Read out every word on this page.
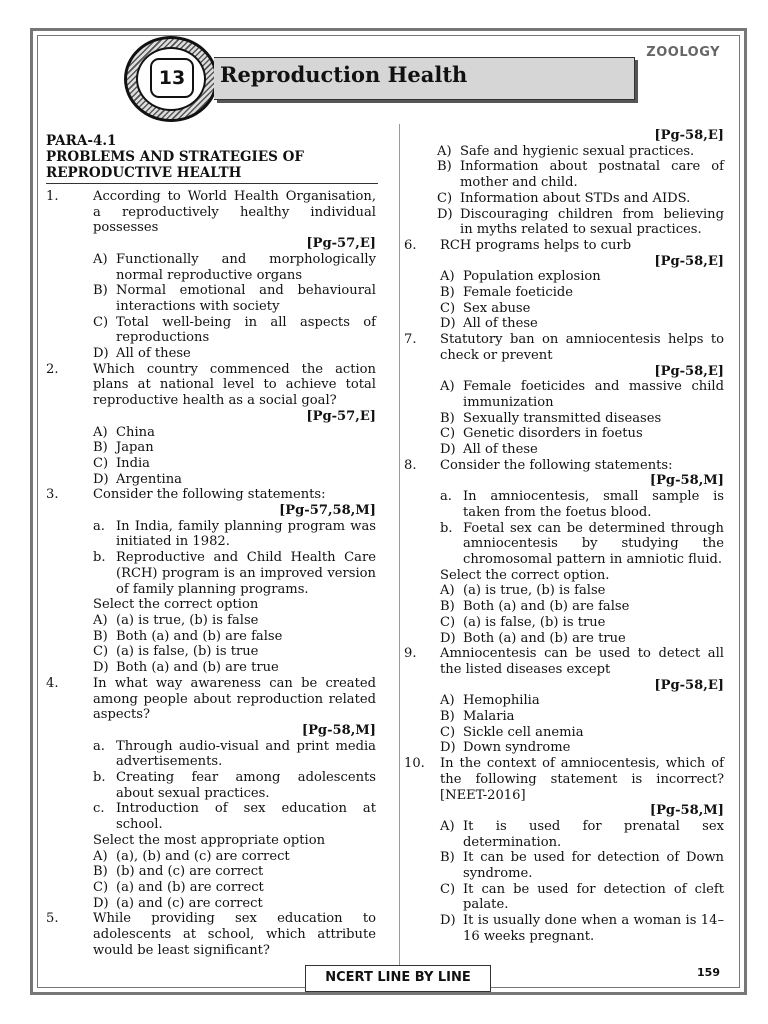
ZOOLOGY
13	Reproduction Health
PARA-4.1
PROBLEMS AND STRATEGIES OF
REPRODUCTIVE HEALTH
1.	According to World Health Organisation, a reproductively healthy individual possesses
[Pg-57,E]
A) Functionally and morphologically normal reproductive organs
B) Normal emotional and behavioural interactions with society
C) Total well-being in all aspects of reproductions
D) All of these
2.	Which country commenced the action plans at national level to achieve total reproductive health as a social goal?
[Pg-57,E]
A) China
B) Japan
C) India
D) Argentina
3.	Consider the following statements:
[Pg-57,58,M]
a. In India, family planning program was initiated in 1982.
b. Reproductive and Child Health Care (RCH) program is an improved version of family planning programs.
Select the correct option
A) (a) is true, (b) is false
B) Both (a) and (b) are false
C) (a) is false, (b) is true
D) Both (a) and (b) are true
4.	In what way awareness can be created among people about reproduction related aspects?
[Pg-58,M]
a. Through audio-visual and print media advertisements.
b. Creating fear among adolescents about sexual practices.
c. Introduction of sex education at school.
Select the most appropriate option
A) (a), (b) and (c) are correct
B) (b) and (c) are correct
C) (a) and (b) are correct
D) (a) and (c) are correct
5.	While providing sex education to adolescents at school, which attribute would be least significant?
[Pg-58,E]
A) Safe and hygienic sexual practices.
B) Information about postnatal care of mother and child.
C) Information about STDs and AIDS.
D) Discouraging children from believing in myths related to sexual practices.
6.	RCH programs helps to curb
[Pg-58,E]
A) Population explosion
B) Female foeticide
C) Sex abuse
D) All of these
7.	Statutory ban on amniocentesis helps to check or prevent
[Pg-58,E]
A) Female foeticides and massive child immunization
B) Sexually transmitted diseases
C) Genetic disorders in foetus
D) All of these
8.	Consider the following statements:
[Pg-58,M]
a. In amniocentesis, small sample is taken from the foetus blood.
b. Foetal sex can be determined through amniocentesis by studying the chromosomal pattern in amniotic fluid.
Select the correct option.
A) (a) is true, (b) is false
B) Both (a) and (b) are false
C) (a) is false, (b) is true
D) Both (a) and (b) are true
9.	Amniocentesis can be used to detect all the listed diseases except
[Pg-58,E]
A) Hemophilia
B) Malaria
C) Sickle cell anemia
D) Down syndrome
10.	In the context of amniocentesis, which of the following statement is incorrect? [NEET-2016]
[Pg-58,M]
A) It is used for prenatal sex determination.
B) It can be used for detection of Down syndrome.
C) It can be used for detection of cleft palate.
D) It is usually done when a woman is 14–16 weeks pregnant.
NCERT LINE BY LINE	159
